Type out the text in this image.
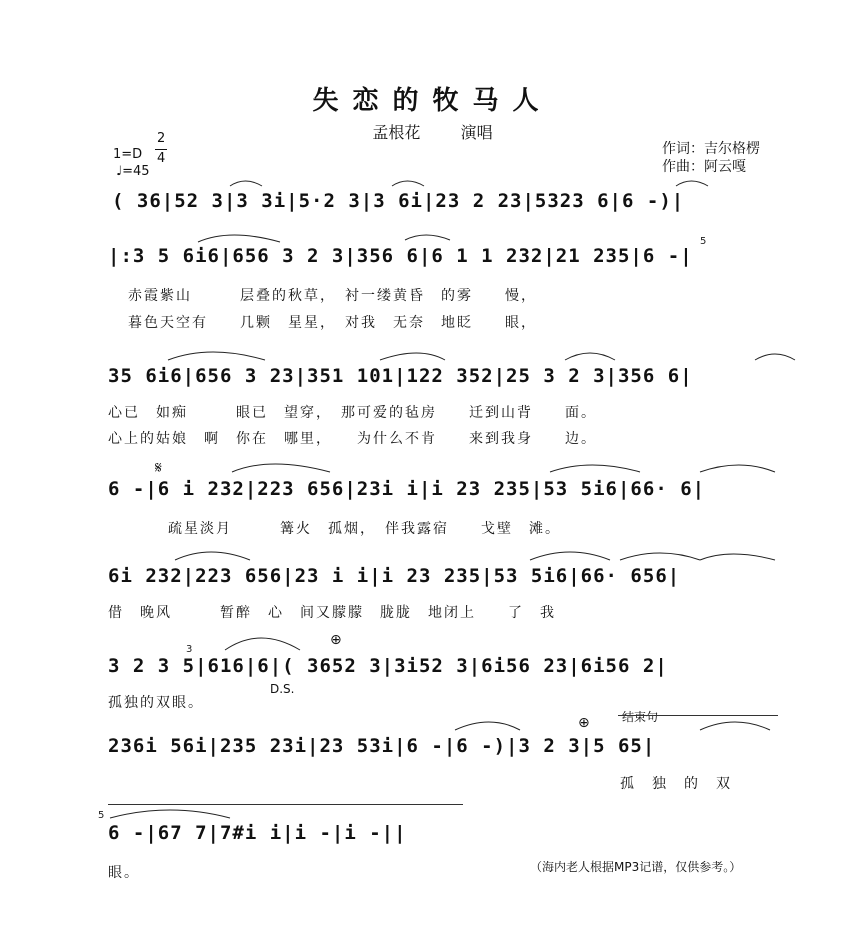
失恋的牧马人
孟根花	演唱
作词：吉尔格楞
作曲：阿云嘎
1=D
2
4
♩=45
( 36|52 3|3 3i|5·2 3|3 6i|23 2 23|5323 6|6 -)|
|:3 5 6i6|656 3 2 3|356 6|6 1 1 232|21 235|6 -|
赤霞紫山　　　层叠的秋草，　衬一缕黄昏　的雾　　慢，
暮色天空有　　几颗　星星，　对我　无奈　地眨　　眼，
35 6i6|656 3 23|351 101|122 352|25 3 2 3|356 6|
心已　如痴　　　眼已　望穿，　那可爱的毡房　　迁到山背　　面。
心上的姑娘　啊　你在　哪里，　　为什么不肯　　来到我身　　边。
𝄋
6 -|6 i 232|223 656|23i i|i 23 235|53 5i6|66· 6|
疏星淡月　　　篝火　孤烟，　伴我露宿　　戈壁　滩。
6i 232|223 656|23 i i|i 23 235|53 5i6|66· 656|
借　晚风　　　暂醉　心　间又朦朦　胧胧　地闭上　　了　我
⊕
3 2 3 5|616|6|( 3652 3|3i52 3|6i56 23|6i56 2|
D.S.
孤独的双眼。
⊕	结束句
236i 56i|235 23i|23 53i|6 -|6 -)|3 2 3|5 65|
孤　独　的　双
6 -|67 7|7#i i|i -|i -||
眼。	（海内老人根据MP3记谱，仅供参考。）
5
3
5
